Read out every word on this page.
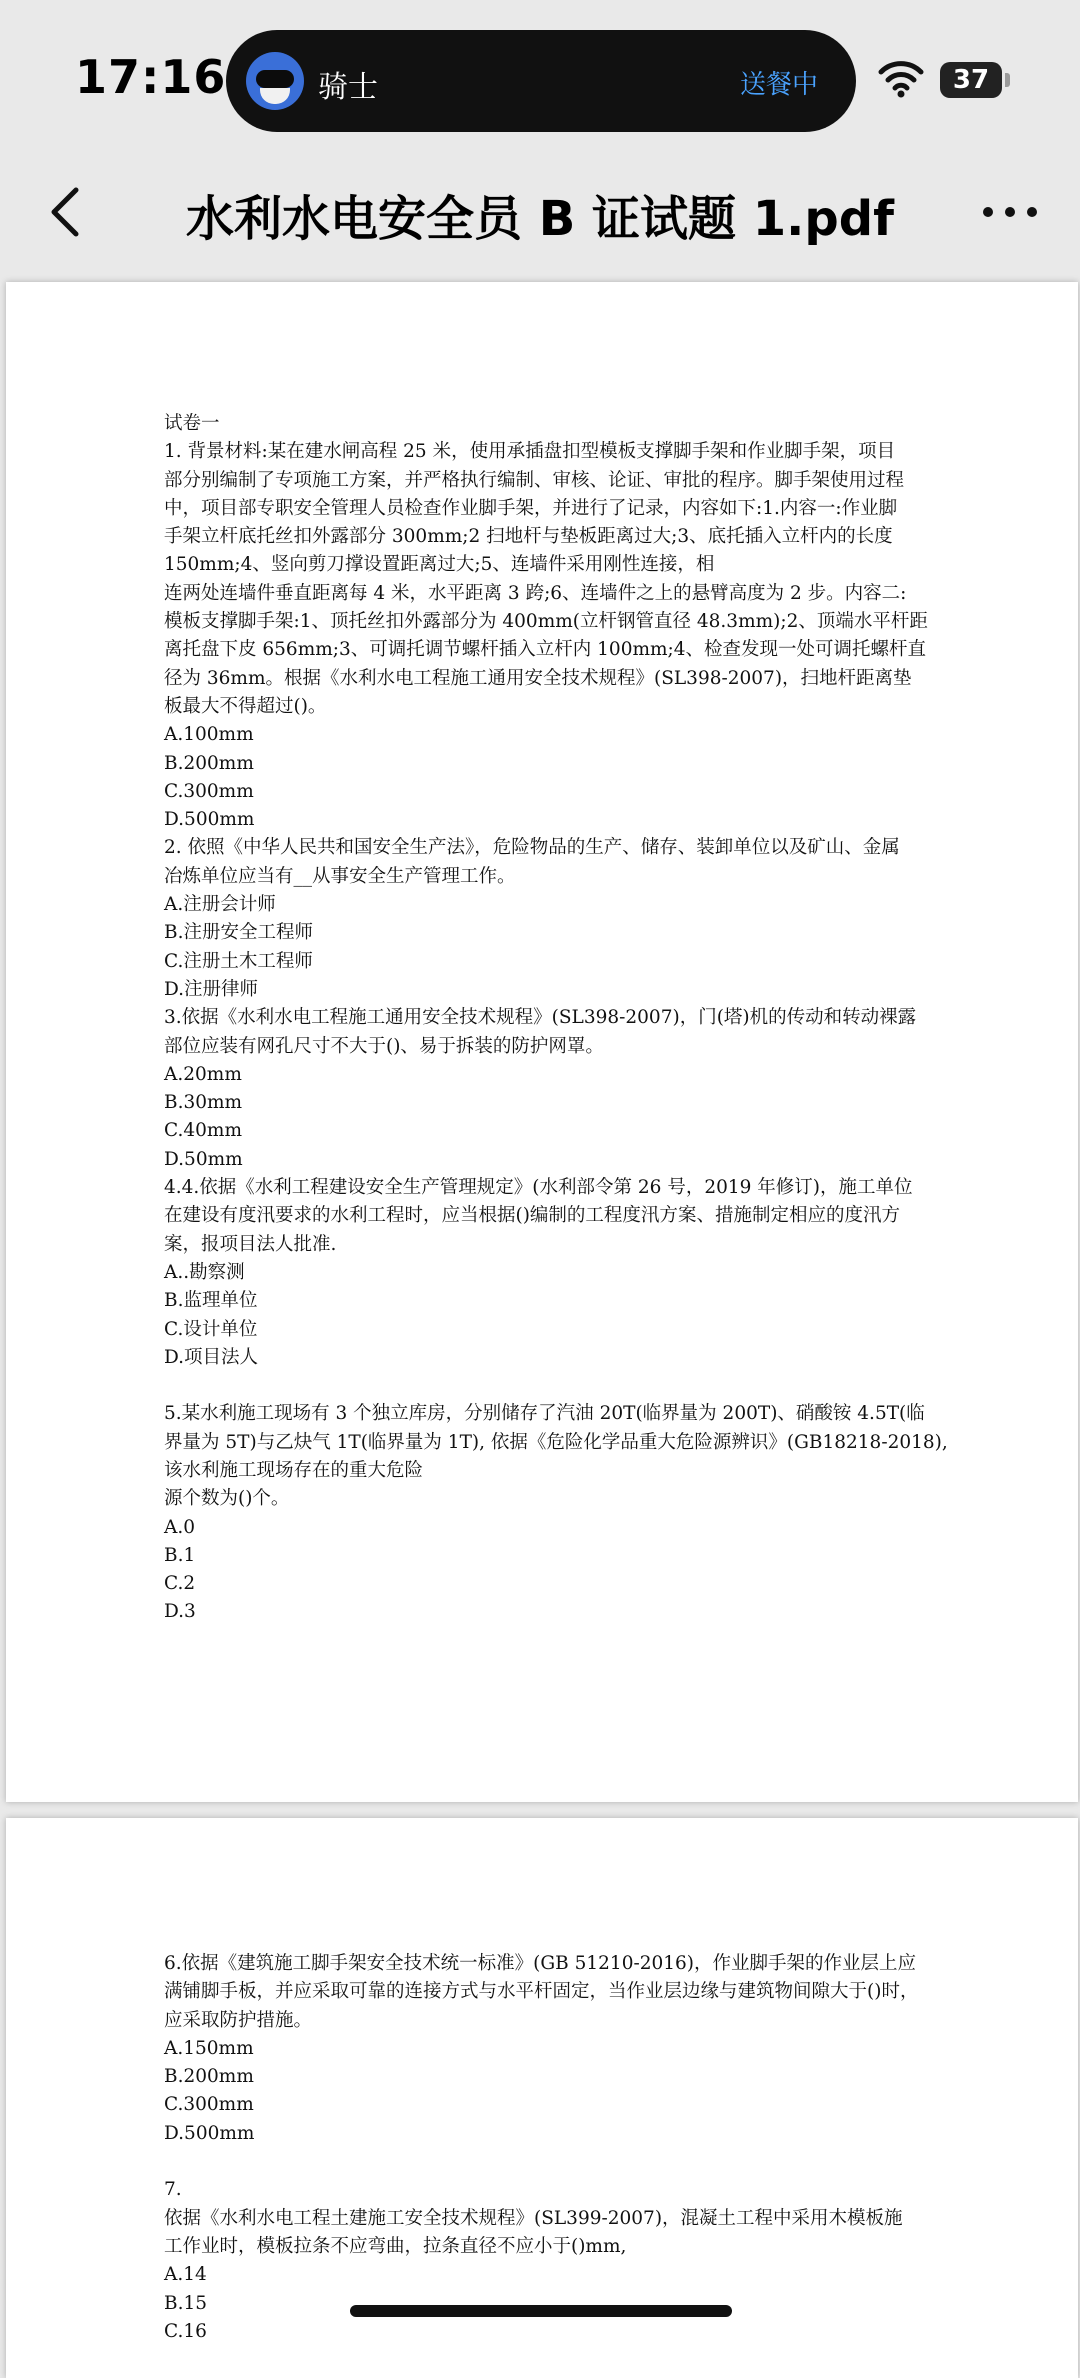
17:16	骑士	送餐中	37
水利水电安全员 B 证试题 1.pdf
试卷一
1. 背景材料:某在建水闸高程 25 米，使用承插盘扣型模板支撑脚手架和作业脚手架，项目
部分别编制了专项施工方案，并严格执行编制、审核、论证、审批的程序。脚手架使用过程
中，项目部专职安全管理人员检查作业脚手架，并进行了记录，内容如下:1.内容一:作业脚
手架立杆底托丝扣外露部分 300mm;2 扫地杆与垫板距离过大;3、底托插入立杆内的长度
150mm;4、竖向剪刀撑设置距离过大;5、连墙件采用刚性连接，相
连两处连墙件垂直距离每 4 米，水平距离 3 跨;6、连墙件之上的悬臂高度为 2 步。内容二:
模板支撑脚手架:1、顶托丝扣外露部分为 400mm(立杆钢管直径 48.3mm);2、顶端水平杆距
离托盘下皮 656mm;3、可调托调节螺杆插入立杆内 100mm;4、检查发现一处可调托螺杆直
径为 36mm。根据《水利水电工程施工通用安全技术规程》(SL398-2007)，扫地杆距离垫
板最大不得超过()。
A.100mm
B.200mm
C.300mm
D.500mm
2. 依照《中华人民共和国安全生产法》，危险物品的生产、储存、装卸单位以及矿山、金属
冶炼单位应当有__从事安全生产管理工作。
A.注册会计师
B.注册安全工程师
C.注册土木工程师
D.注册律师
3.依据《水利水电工程施工通用安全技术规程》(SL398-2007)，门(塔)机的传动和转动裸露
部位应装有网孔尺寸不大于()、易于拆装的防护网罩。
A.20mm
B.30mm
C.40mm
D.50mm
4.4.依据《水利工程建设安全生产管理规定》(水利部令第 26 号，2019 年修订)，施工单位
在建设有度汛要求的水利工程时，应当根据()编制的工程度汛方案、措施制定相应的度汛方
案，报项目法人批准.
A..勘察测
B.监理单位
C.设计单位
D.项目法人
5.某水利施工现场有 3 个独立库房，分别储存了汽油 20T(临界量为 200T)、硝酸铵 4.5T(临
界量为 5T)与乙炔气 1T(临界量为 1T), 依据《危险化学品重大危险源辨识》(GB18218-2018),
该水利施工现场存在的重大危险
源个数为()个。
A.0
B.1
C.2
D.3
6.依据《建筑施工脚手架安全技术统一标准》(GB 51210-2016)，作业脚手架的作业层上应
满铺脚手板，并应采取可靠的连接方式与水平杆固定，当作业层边缘与建筑物间隙大于()时，
应采取防护措施。
A.150mm
B.200mm
C.300mm
D.500mm
7.
依据《水利水电工程土建施工安全技术规程》(SL399-2007)，混凝土工程中采用木模板施
工作业时，模板拉条不应弯曲，拉条直径不应小于()mm,
A.14
B.15
C.16
